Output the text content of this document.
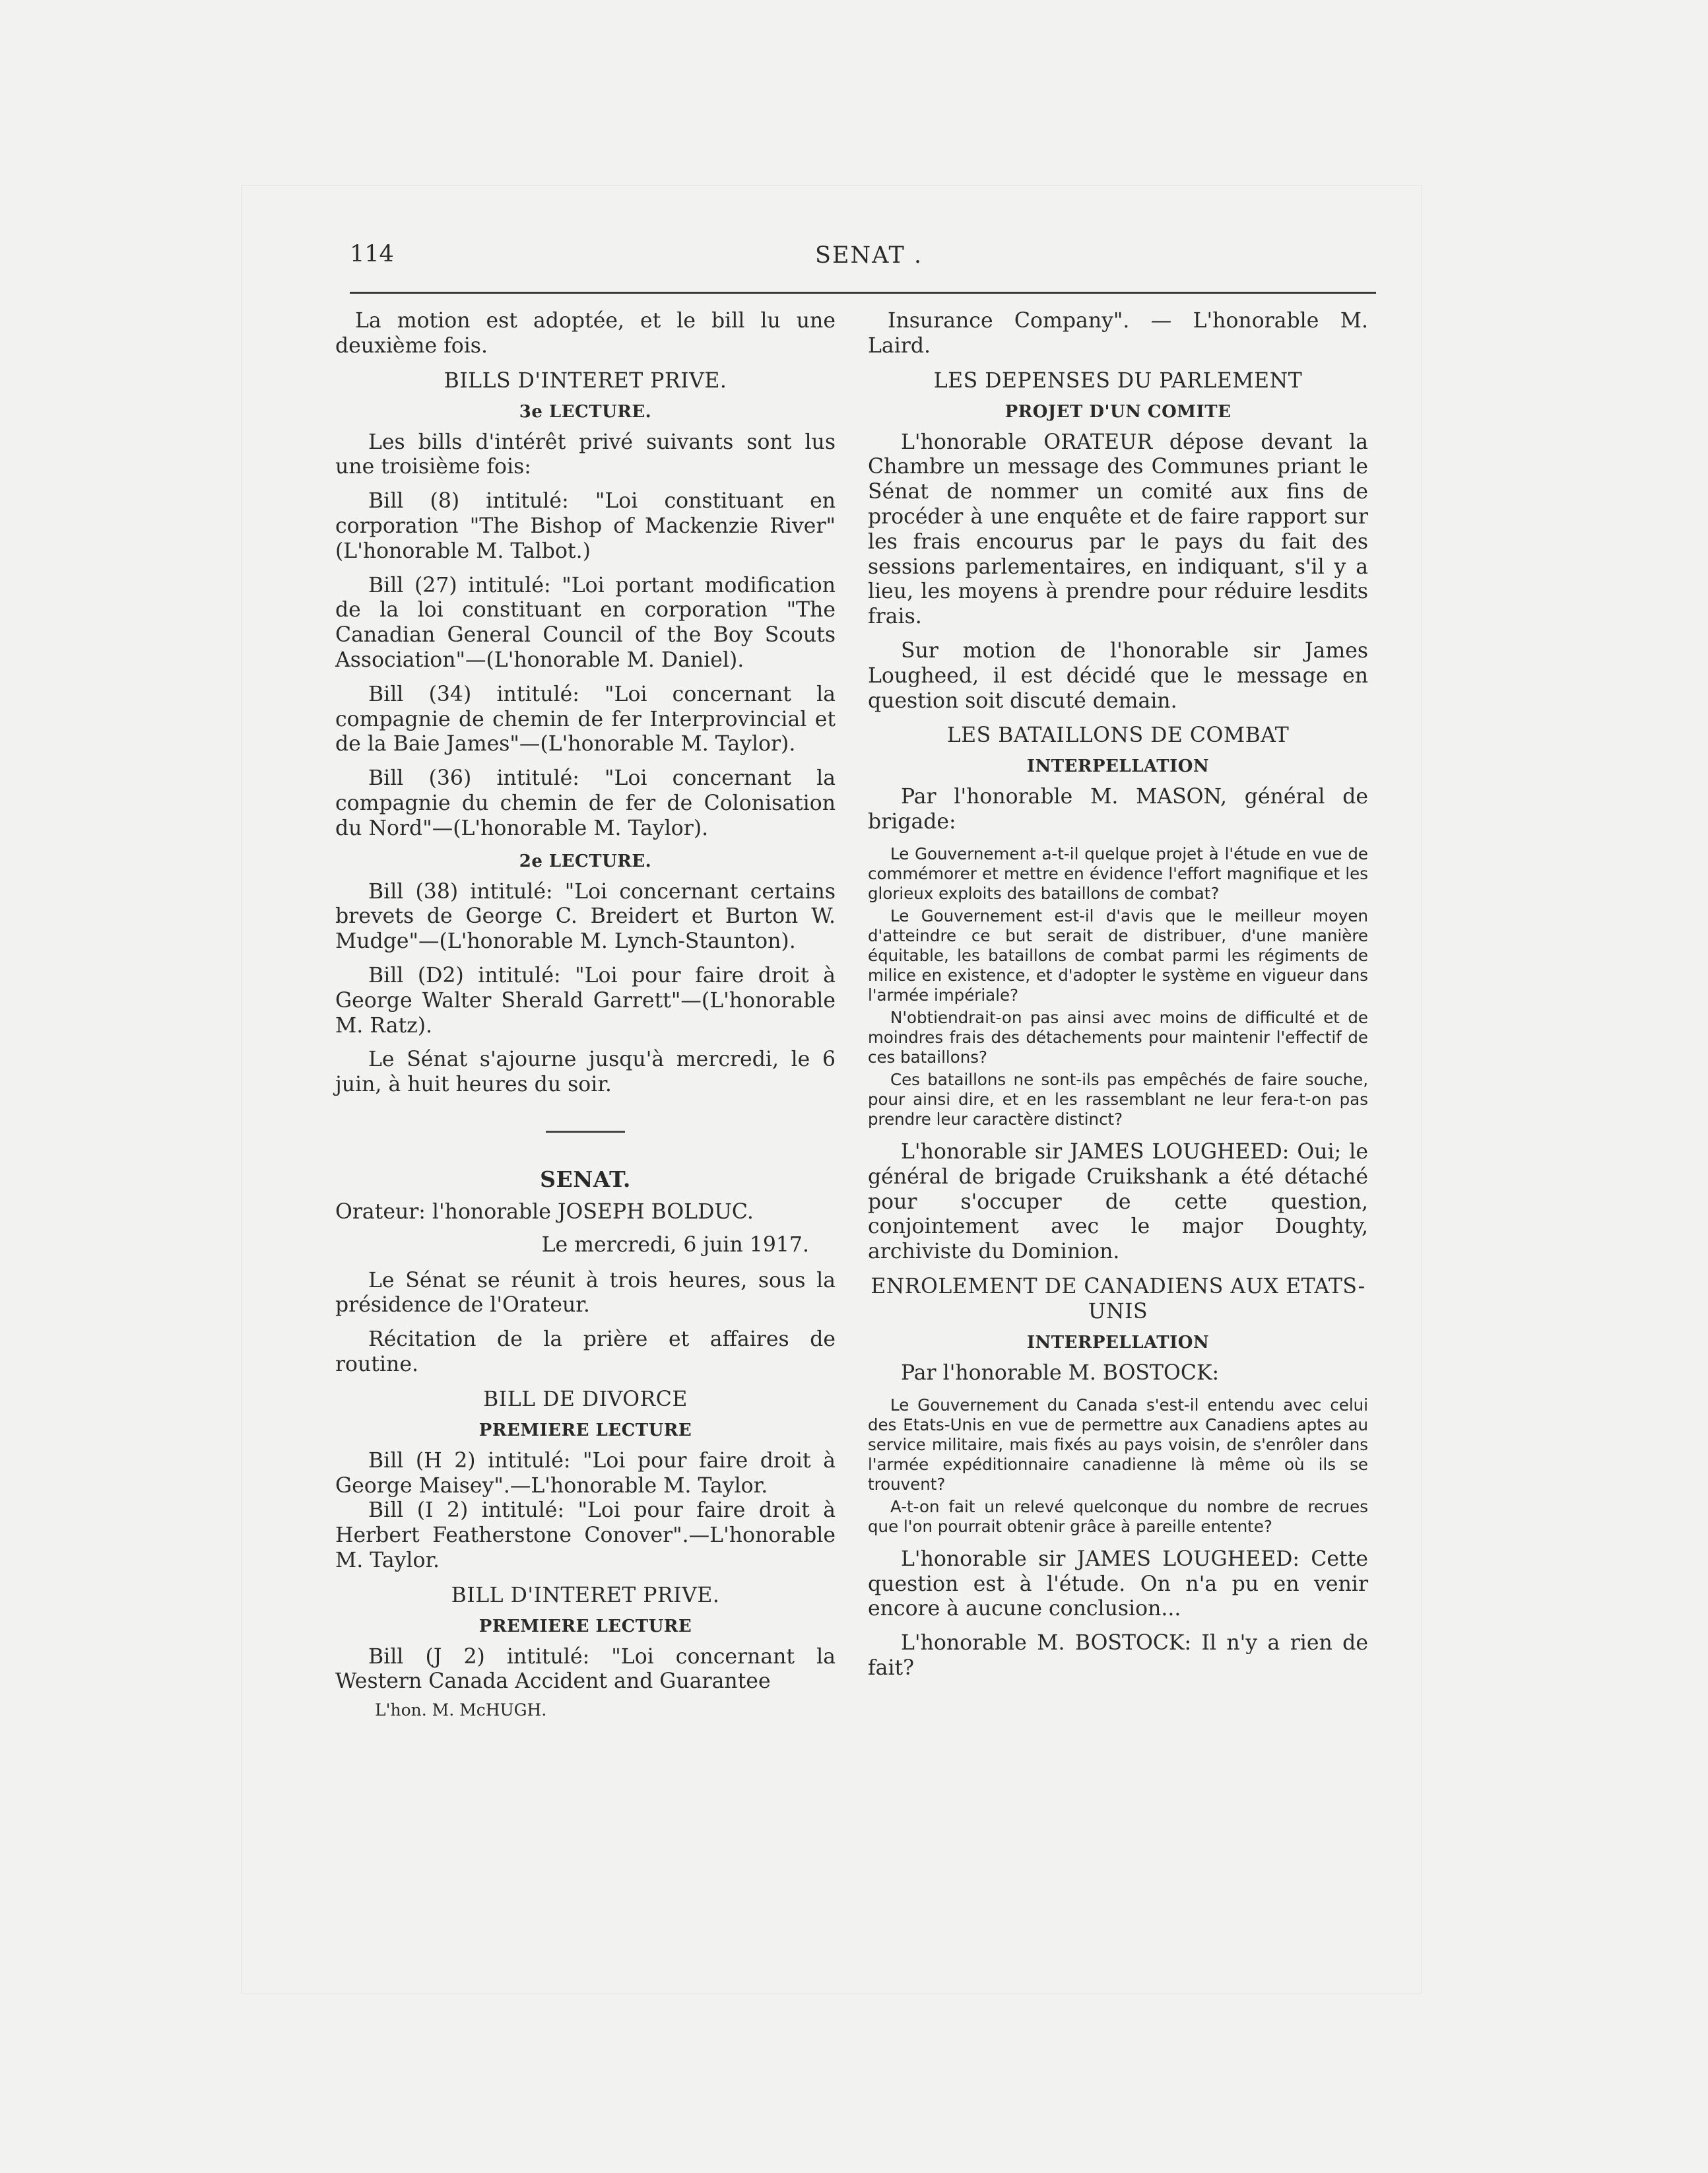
114	SENAT .

La motion est adoptée, et le bill lu une deuxième fois.

BILLS D'INTERET PRIVE.
3e LECTURE.

Les bills d'intérêt privé suivants sont lus une troisième fois:

Bill (8) intitulé: "Loi constituant en corporation "The Bishop of Mackenzie River" (L'honorable M. Talbot.)

Bill (27) intitulé: "Loi portant modification de la loi constituant en corporation "The Canadian General Council of the Boy Scouts Association"—(L'honorable M. Daniel).

Bill (34) intitulé: "Loi concernant la compagnie de chemin de fer Interprovincial et de la Baie James"—(L'honorable M. Taylor).

Bill (36) intitulé: "Loi concernant la compagnie du chemin de fer de Colonisation du Nord"—(L'honorable M. Taylor).

2e LECTURE.

Bill (38) intitulé: "Loi concernant certains brevets de George C. Breidert et Burton W. Mudge"—(L'honorable M. Lynch-Staunton).

Bill (D2) intitulé: "Loi pour faire droit à George Walter Sherald Garrett"—(L'honorable M. Ratz).

Le Sénat s'ajourne jusqu'à mercredi, le 6 juin, à huit heures du soir.

SENAT.

Orateur: l'honorable JOSEPH BOLDUC.

Le mercredi, 6 juin 1917.

Le Sénat se réunit à trois heures, sous la présidence de l'Orateur.

Récitation de la prière et affaires de routine.

BILL DE DIVORCE
PREMIERE LECTURE

Bill (H 2) intitulé: "Loi pour faire droit à George Maisey".—L'honorable M. Taylor.

Bill (I 2) intitulé: "Loi pour faire droit à Herbert Featherstone Conover".—L'honorable M. Taylor.

BILL D'INTERET PRIVE.
PREMIERE LECTURE

Bill (J 2) intitulé: "Loi concernant la Western Canada Accident and Guarantee

L'hon. M. McHUGH.

Insurance Company". — L'honorable M. Laird.

LES DEPENSES DU PARLEMENT
PROJET D'UN COMITE

L'honorable ORATEUR dépose devant la Chambre un message des Communes priant le Sénat de nommer un comité aux fins de procéder à une enquête et de faire rapport sur les frais encourus par le pays du fait des sessions parlementaires, en indiquant, s'il y a lieu, les moyens à prendre pour réduire lesdits frais.

Sur motion de l'honorable sir James Lougheed, il est décidé que le message en question soit discuté demain.

LES BATAILLONS DE COMBAT
INTERPELLATION

Par l'honorable M. MASON, général de brigade:

Le Gouvernement a-t-il quelque projet à l'étude en vue de commémorer et mettre en évidence l'effort magnifique et les glorieux exploits des bataillons de combat?

Le Gouvernement est-il d'avis que le meilleur moyen d'atteindre ce but serait de distribuer, d'une manière équitable, les bataillons de combat parmi les régiments de milice en existence, et d'adopter le système en vigueur dans l'armée impériale?

N'obtiendrait-on pas ainsi avec moins de difficulté et de moindres frais des détachements pour maintenir l'effectif de ces bataillons?

Ces bataillons ne sont-ils pas empêchés de faire souche, pour ainsi dire, et en les rassemblant ne leur fera-t-on pas prendre leur caractère distinct?

L'honorable sir JAMES LOUGHEED: Oui; le général de brigade Cruikshank a été détaché pour s'occuper de cette question, conjointement avec le major Doughty, archiviste du Dominion.

ENROLEMENT DE CANADIENS AUX ETATS-UNIS
INTERPELLATION

Par l'honorable M. BOSTOCK:

Le Gouvernement du Canada s'est-il entendu avec celui des Etats-Unis en vue de permettre aux Canadiens aptes au service militaire, mais fixés au pays voisin, de s'enrôler dans l'armée expéditionnaire canadienne là même où ils se trouvent?

A-t-on fait un relevé quelconque du nombre de recrues que l'on pourrait obtenir grâce à pareille entente?

L'honorable sir JAMES LOUGHEED: Cette question est à l'étude. On n'a pu en venir encore à aucune conclusion...

L'honorable M. BOSTOCK: Il n'y a rien de fait?
